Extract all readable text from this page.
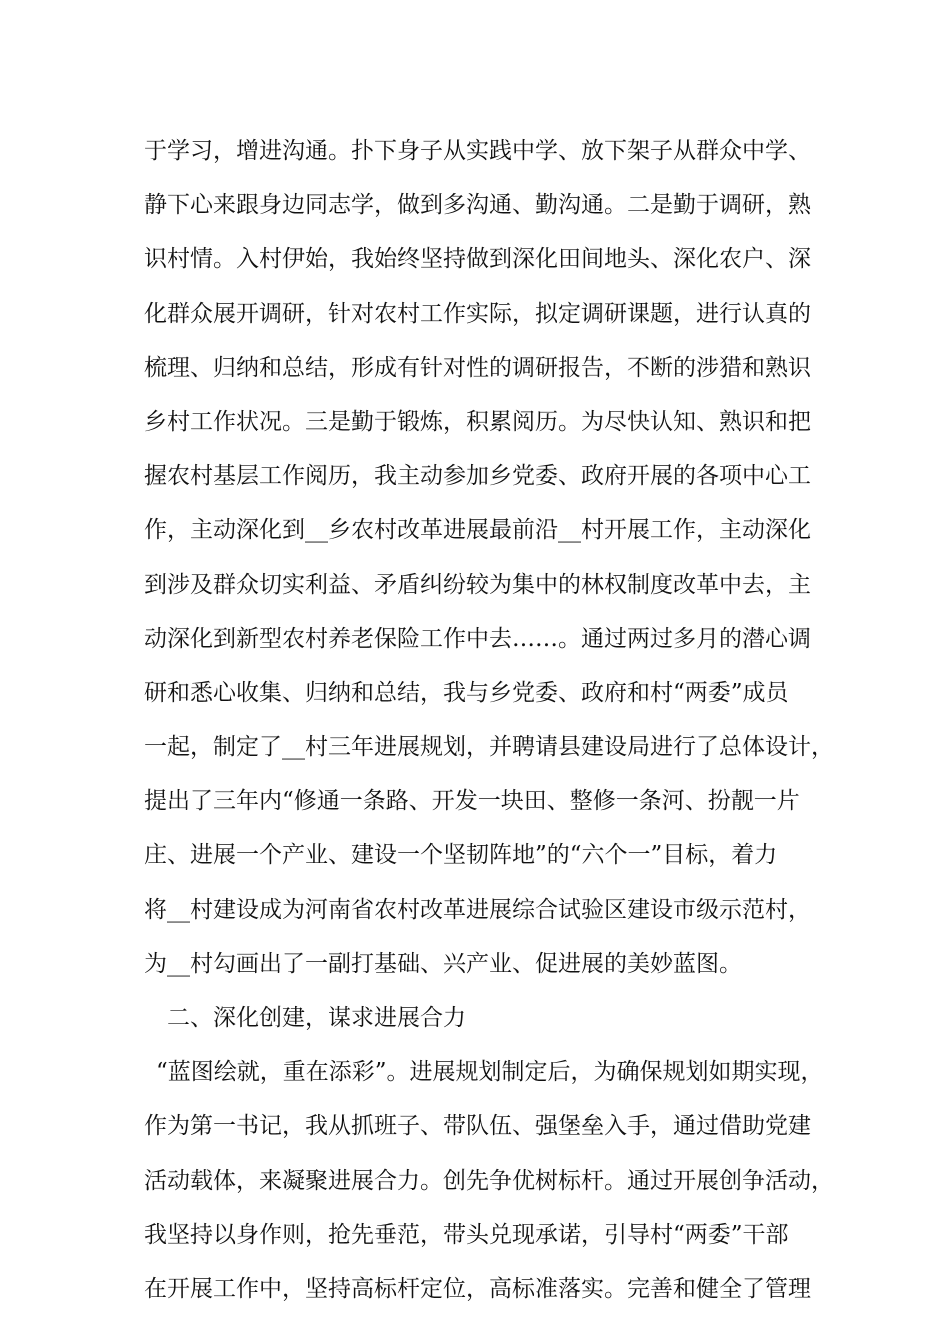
于学习，增进沟通。扑下身子从实践中学、放下架子从群众中学、
静下心来跟身边同志学，做到多沟通、勤沟通。二是勤于调研，熟
识村情。入村伊始，我始终坚持做到深化田间地头、深化农户、深
化群众展开调研，针对农村工作实际，拟定调研课题，进行认真的
梳理、归纳和总结，形成有针对性的调研报告，不断的涉猎和熟识
乡村工作状况。三是勤于锻炼，积累阅历。为尽快认知、熟识和把
握农村基层工作阅历，我主动参加乡党委、政府开展的各项中心工
作，主动深化到__乡农村改革进展最前沿__村开展工作，主动深化
到涉及群众切实利益、矛盾纠纷较为集中的林权制度改革中去，主
动深化到新型农村养老保险工作中去……。通过两过多月的潜心调
研和悉心收集、归纳和总结，我与乡党委、政府和村“两委”成员
一起，制定了__村三年进展规划，并聘请县建设局进行了总体设计，
提出了三年内“修通一条路、开发一块田、整修一条河、扮靓一片
庄、进展一个产业、建设一个坚韧阵地”的“六个一”目标，着力
将__村建设成为河南省农村改革进展综合试验区建设市级示范村，
为__村勾画出了一副打基础、兴产业、促进展的美妙蓝图。
二、深化创建，谋求进展合力
“蓝图绘就，重在添彩”。进展规划制定后，为确保规划如期实现，
作为第一书记，我从抓班子、带队伍、强堡垒入手，通过借助党建
活动载体，来凝聚进展合力。创先争优树标杆。通过开展创争活动，
我坚持以身作则，抢先垂范，带头兑现承诺，引导村“两委”干部
在开展工作中，坚持高标杆定位，高标准落实。完善和健全了管理
